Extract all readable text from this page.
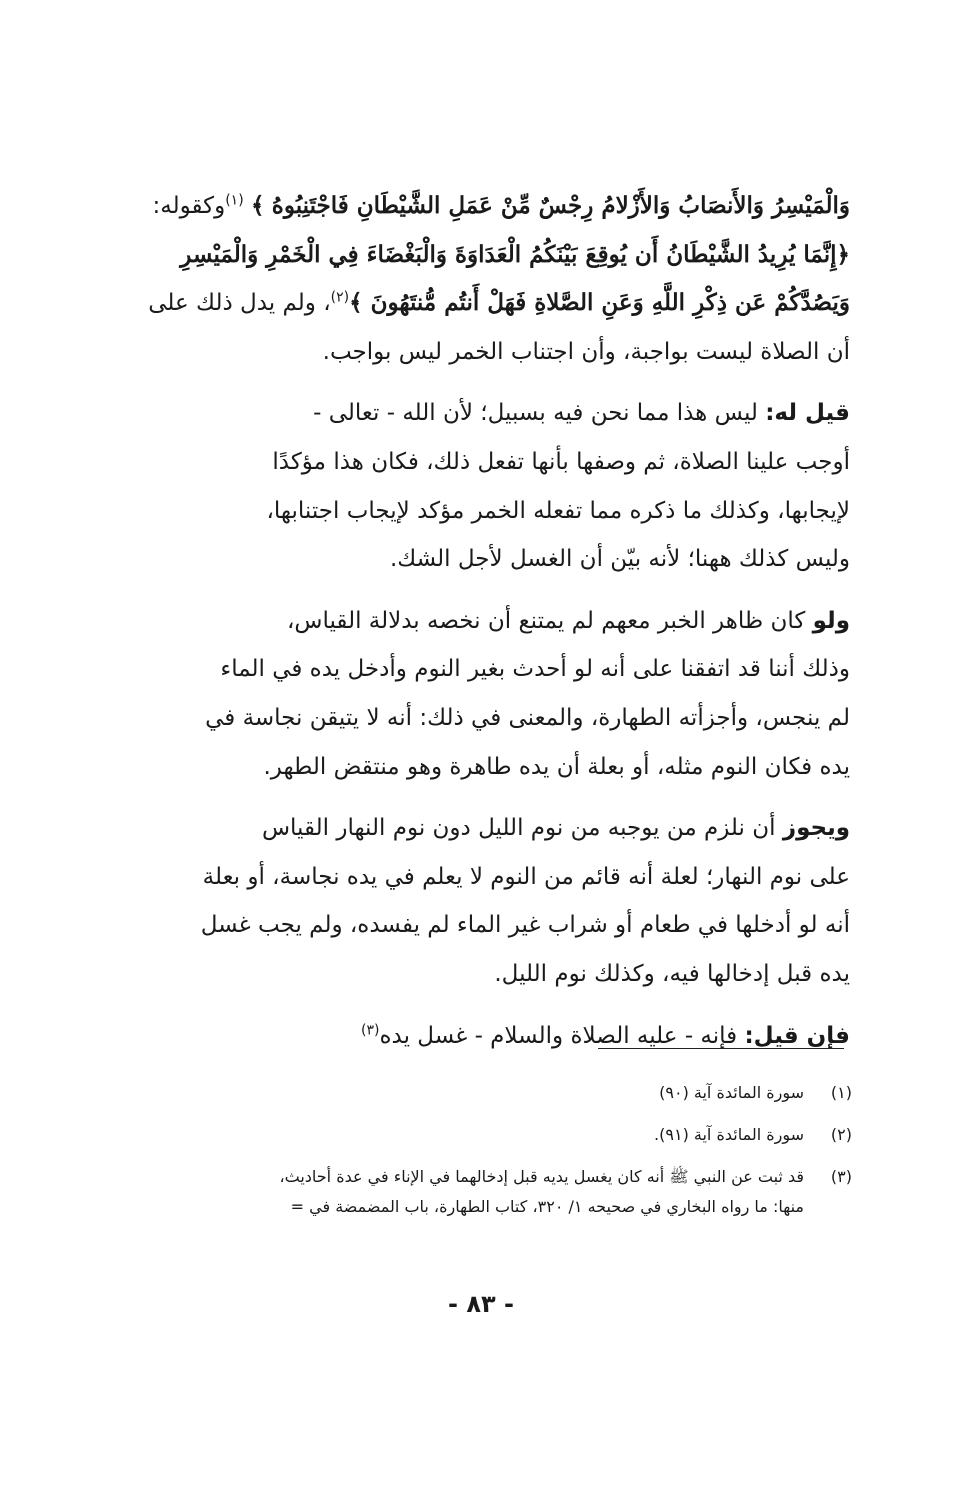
وَالْمَيْسِرُ وَالأَنصَابُ وَالأَزْلامُ رِجْسٌ مِّنْ عَمَلِ الشَّيْطَانِ فَاجْتَنِبُوهُ ﴾ $^{(١)}$وكقوله:
﴿إِنَّمَا يُرِيدُ الشَّيْطَانُ أَن يُوقِعَ بَيْنَكُمُ الْعَدَاوَةَ وَالْبَغْضَاءَ فِي الْخَمْرِ وَالْمَيْسِرِ
وَيَصُدَّكُمْ عَن ذِكْرِ اللَّهِ وَعَنِ الصَّلاةِ فَهَلْ أَنتُم مُّنتَهُونَ ﴾$^{(٢)}$، ولم يدل ذلك على
أن الصلاة ليست بواجبة، وأن اجتناب الخمر ليس بواجب.

قيل له: ليس هذا مما نحن فيه بسبيل؛ لأن الله - تعالى -
أوجب علينا الصلاة، ثم وصفها بأنها تفعل ذلك، فكان هذا مؤكدًا
لإيجابها، وكذلك ما ذكره مما تفعله الخمر مؤكد لإيجاب اجتنابها،
وليس كذلك ههنا؛ لأنه بيّن أن الغسل لأجل الشك.

ولو كان ظاهر الخبر معهم لم يمتنع أن نخصه بدلالة القياس،
وذلك أننا قد اتفقنا على أنه لو أحدث بغير النوم وأدخل يده في الماء
لم ينجس، وأجزأته الطهارة، والمعنى في ذلك: أنه لا يتيقن نجاسة في
يده فكان النوم مثله، أو بعلة أن يده طاهرة وهو منتقض الطهر.

ويجوز أن نلزم من يوجبه من نوم الليل دون نوم النهار القياس
على نوم النهار؛ لعلة أنه قائم من النوم لا يعلم في يده نجاسة، أو بعلة
أنه لو أدخلها في طعام أو شراب غير الماء لم يفسده، ولم يجب غسل
يده قبل إدخالها فيه، وكذلك نوم الليل.

فإن قيل: فإنه - عليه الصلاة والسلام - غسل يده$^{(٣)}$

(١)
سورة المائدة آية (٩٠)
(٢)
سورة المائدة آية (٩١).
(٣)
قد ثبت عن النبي ﷺ أنه كان يغسل يديه قبل إدخالهما في الإناء في عدة أحاديث،
منها: ما رواه البخاري في صحيحه ١/ ٣٢٠، كتاب الطهارة، باب المضمضة في =
- ٨٣ -
